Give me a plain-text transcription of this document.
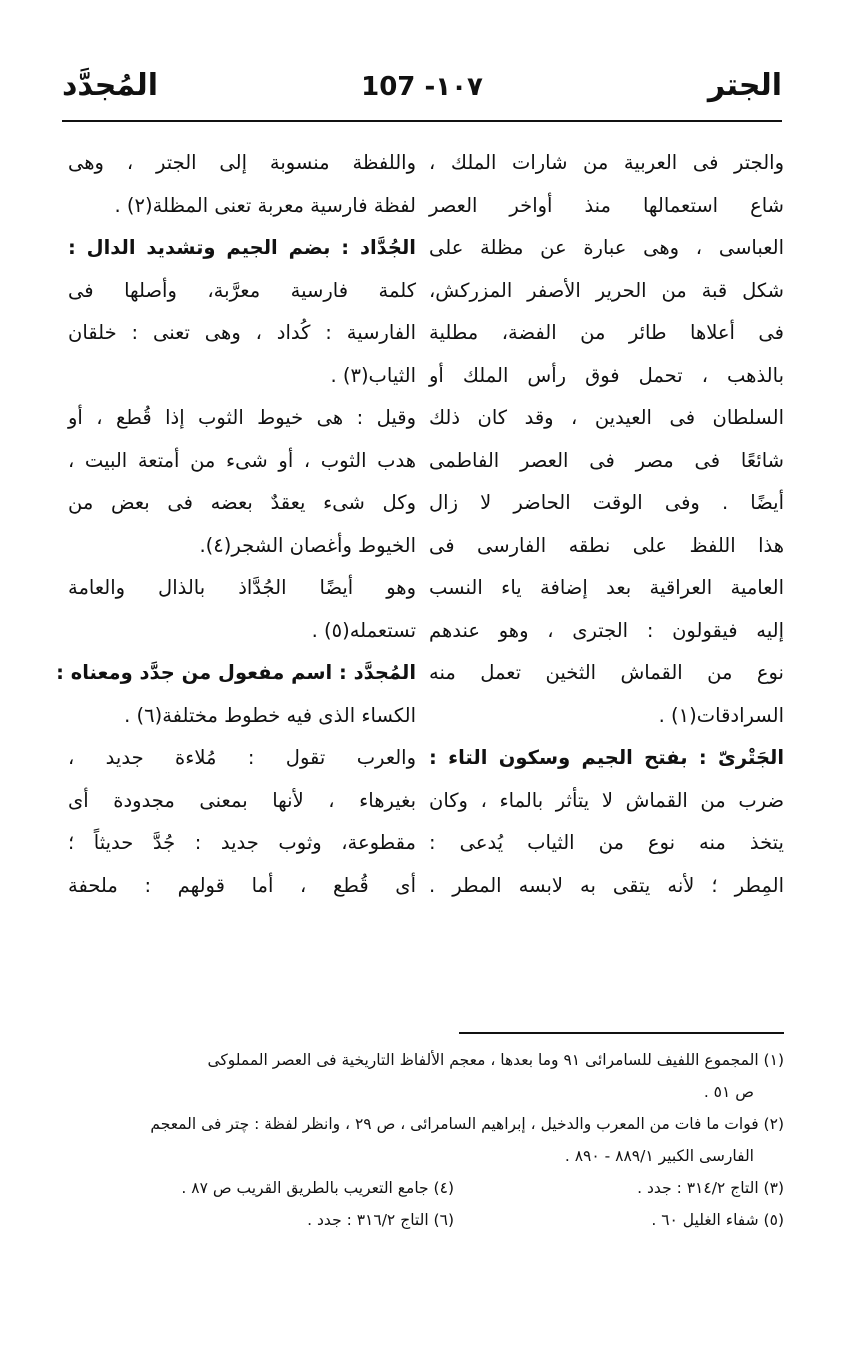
الجتر
107 -١٠٧
المُجدَّد
والجتر فى العربية من شارات الملك ،
شاع استعمالها منذ أواخر العصر
العباسى ، وهى عبارة عن مظلة على
شكل قبة من الحرير الأصفر المزركش،
فى أعلاها طائر من الفضة، مطلية
بالذهب ، تحمل فوق رأس الملك أو
السلطان فى العيدين ، وقد كان ذلك
شائعًا فى مصر فى العصر الفاطمى
أيضًا . وفى الوقت الحاضر لا زال
هذا اللفظ على نطقه الفارسى فى
العامية العراقية بعد إضافة ياء النسب
إليه فيقولون : الجترى ، وهو عندهم
نوع من القماش الثخين تعمل منه
السرادقات(١) .
الجَتْرىّ : بفتح الجيم وسكون التاء :
ضرب من القماش لا يتأثر بالماء ، وكان
يتخذ منه نوع من الثياب يُدعى :
المِطر ؛ لأنه يتقى به لابسه المطر .
واللفظة منسوبة إلى الجتر ، وهى
لفظة فارسية معربة تعنى المظلة(٢) .
الجُدَّاد : بضم الجيم وتشديد الدال :
كلمة فارسية معرَّبة، وأصلها فى
الفارسية : كُداد ، وهى تعنى : خلقان
الثياب(٣) .
وقيل : هى خيوط الثوب إذا قُطع ، أو
هدب الثوب ، أو شىء من أمتعة البيت ،
وكل شىء يعقدٌ بعضه فى بعض من
الخيوط وأغصان الشجر(٤).
وهو أيضًا الجُدَّاذ بالذال والعامة
تستعمله(٥) .
المُجدَّد : اسم مفعول من جدَّد ومعناه :
الكساء الذى فيه خطوط مختلفة(٦) .
والعرب تقول : مُلاءة جديد ،
بغيرهاء ، لأنها بمعنى مجدودة أى
مقطوعة، وثوب جديد : جُدَّ حديثاً ؛
أى قُطع ، أما قولهم : ملحفة
(١) المجموع اللفيف للسامرائى ٩١ وما بعدها ، معجم الألفاظ التاريخية فى العصر المملوكى
ص ٥١ .
(٢) فوات ما فات من المعرب والدخيل ، إبراهيم السامرائى ، ص ٢٩ ، وانظر لفظة : چتر فى المعجم
الفارسى الكبير ٨٨٩/١ - ٨٩٠ .
(٣) التاج ٣١٤/٢ : جدد .
(٤) جامع التعريب بالطريق القريب ص ٨٧ .
(٥) شفاء الغليل ٦٠ .
(٦) التاج ٣١٦/٢ : جدد .
